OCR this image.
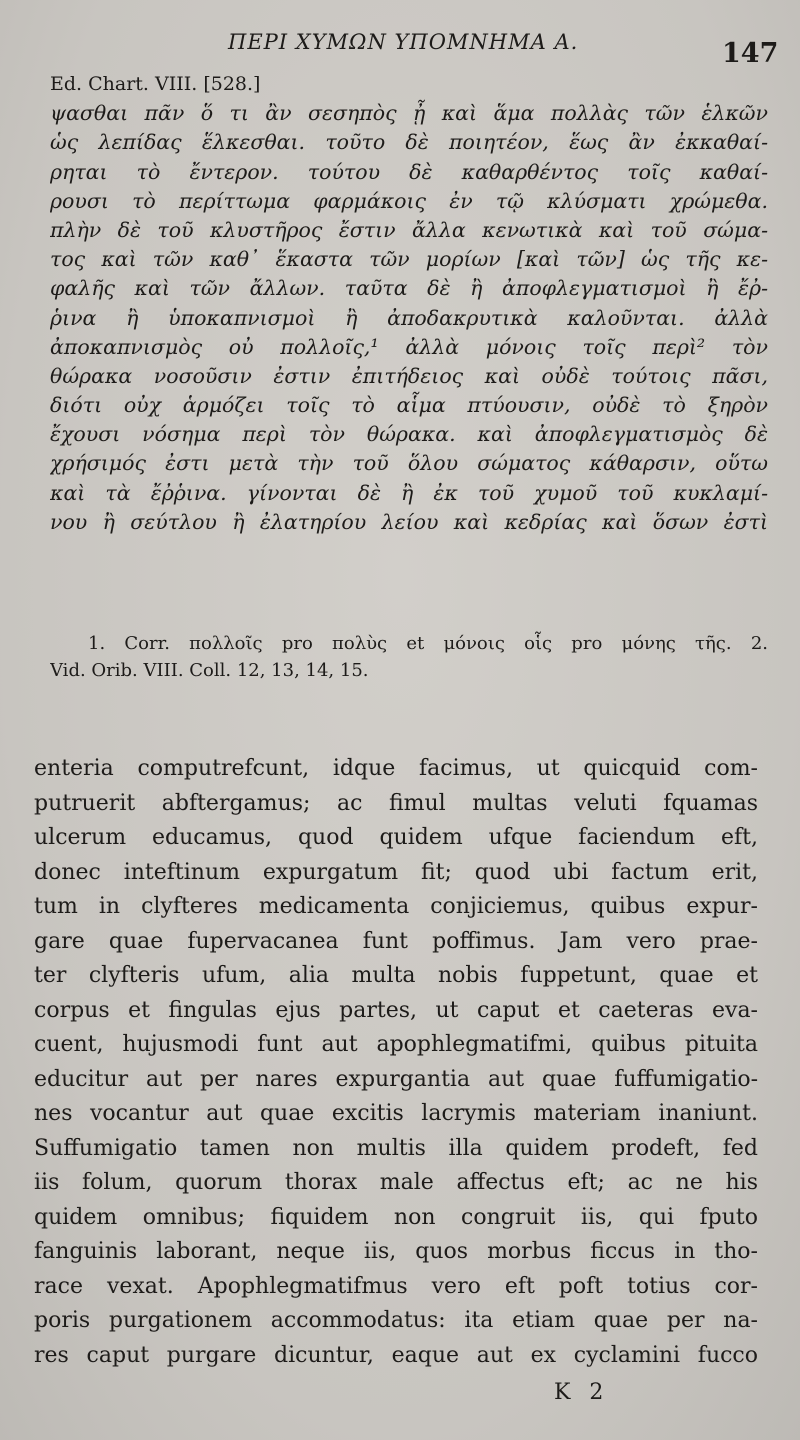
ΠΕΡΙ ΧΥΜΩΝ ΥΠΟΜΝΗΜΑ Α.	147
Ed. Chart. VIII. [528.]
ψασθαι πᾶν ὅ τι ἂν σεσηπὸς ᾖ καὶ ἅμα πολλὰς τῶν ἑλκῶν
ὡς λεπίδας ἕλκεσθαι. τοῦτο δὲ ποιητέον, ἕως ἂν ἐκκαθαί-
ρηται τὸ ἔντερον. τούτου δὲ καθαρθέντος τοῖς καθαί-
ρουσι τὸ περίττωμα φαρμάκοις ἐν τῷ κλύσματι χρώμεθα.
πλὴν δὲ τοῦ κλυστῆρος ἔστιν ἄλλα κενωτικὰ καὶ τοῦ σώμα-
τος καὶ τῶν καθ᾽ ἕκαστα τῶν μορίων [καὶ τῶν] ὡς τῆς κε-
φαλῆς καὶ τῶν ἄλλων. ταῦτα δὲ ἢ ἀποφλεγματισμοὶ ἢ ἔῤ-
ῥινα ἢ ὑποκαπνισμοὶ ἢ ἀποδακρυτικὰ καλοῦνται. ἀλλὰ
ἀποκαπνισμὸς οὐ πολλοῖς,¹ ἀλλὰ μόνοις τοῖς περὶ² τὸν
θώρακα νοσοῦσιν ἐστιν ἐπιτήδειος καὶ οὐδὲ τούτοις πᾶσι,
διότι οὐχ ἁρμόζει τοῖς τὸ αἷμα πτύουσιν, οὐδὲ τὸ ξηρὸν
ἔχουσι νόσημα περὶ τὸν θώρακα. καὶ ἀποφλεγματισμὸς δὲ
χρήσιμός ἐστι μετὰ τὴν τοῦ ὅλου σώματος κάθαρσιν, οὕτω
καὶ τὰ ἔῤῥινα. γίνονται δὲ ἢ ἐκ τοῦ χυμοῦ τοῦ κυκλαμί-
νου ἢ σεύτλου ἢ ἐλατηρίου λείου καὶ κεδρίας καὶ ὅσων ἐστὶ
1. Corr. πολλοῖς pro πολὺς et μόνοις οἷς pro μόνης τῆς. 2.
Vid. Orib. VIII. Coll. 12, 13, 14, 15.
enteria computrefcunt, idque facimus, ut quicquid com-
putruerit abftergamus; ac fimul multas veluti fquamas
ulcerum educamus, quod quidem ufque faciendum eft,
donec inteftinum expurgatum fit; quod ubi factum erit,
tum in clyfteres medicamenta conjiciemus, quibus expur-
gare quae fupervacanea funt poffimus. Jam vero prae-
ter clyfteris ufum, alia multa nobis fuppetunt, quae et
corpus et fingulas ejus partes, ut caput et caeteras eva-
cuent, hujusmodi funt aut apophlegmatifmi, quibus pituita
educitur aut per nares expurgantia aut quae fuffumigatio-
nes vocantur aut quae excitis lacrymis materiam inaniunt.
Suffumigatio tamen non multis illa quidem prodeft, fed
iis folum, quorum thorax male affectus eft; ac ne his
quidem omnibus; fiquidem non congruit iis, qui fputo
fanguinis laborant, neque iis, quos morbus ficcus in tho-
race vexat. Apophlegmatifmus vero eft poft totius cor-
poris purgationem accommodatus: ita etiam quae per na-
res caput purgare dicuntur, eaque aut ex cyclamini fucco
K 2
